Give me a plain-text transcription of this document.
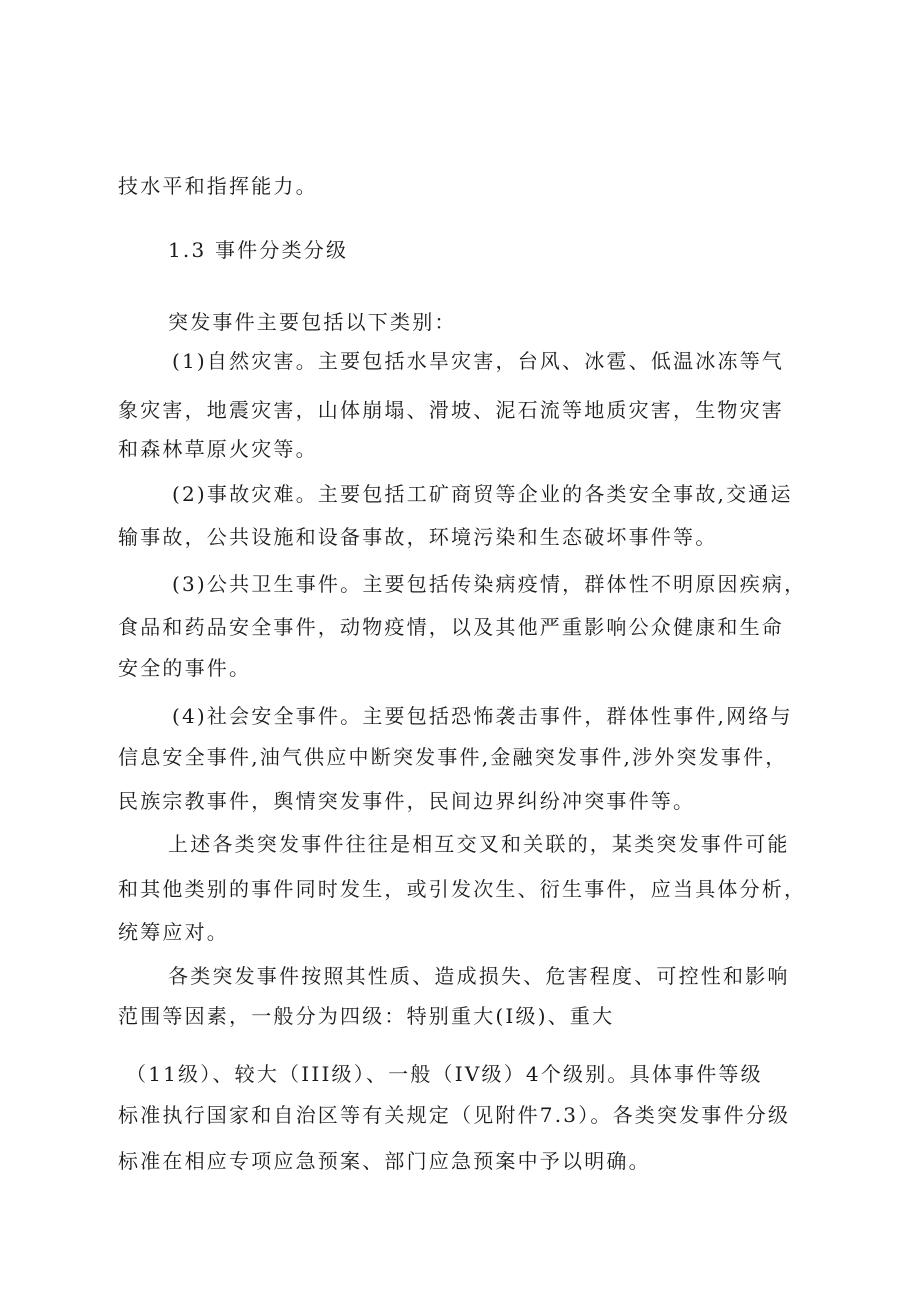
技水平和指挥能力。
1.3 事件分类分级
突发事件主要包括以下类别：
(1)自然灾害。主要包括水旱灾害，台风、冰雹、低温冰冻等气
象灾害，地震灾害，山体崩塌、滑坡、泥石流等地质灾害，生物灾害
和森林草原火灾等。
(2)事故灾难。主要包括工矿商贸等企业的各类安全事故,交通运
输事故，公共设施和设备事故，环境污染和生态破坏事件等。
(3)公共卫生事件。主要包括传染病疫情，群体性不明原因疾病，
食品和药品安全事件，动物疫情，以及其他严重影响公众健康和生命
安全的事件。
(4)社会安全事件。主要包括恐怖袭击事件，群体性事件,网络与
信息安全事件,油气供应中断突发事件,金融突发事件,涉外突发事件，
民族宗教事件，舆情突发事件，民间边界纠纷冲突事件等。
上述各类突发事件往往是相互交叉和关联的，某类突发事件可能
和其他类别的事件同时发生，或引发次生、衍生事件，应当具体分析，
统筹应对。
各类突发事件按照其性质、造成损失、危害程度、可控性和影响
范围等因素，一般分为四级：特别重大(I级)、重大
（11级）、较大（III级）、一般（IV级）4个级别。具体事件等级
标准执行国家和自治区等有关规定（见附件7.3）。各类突发事件分级
标准在相应专项应急预案、部门应急预案中予以明确。
